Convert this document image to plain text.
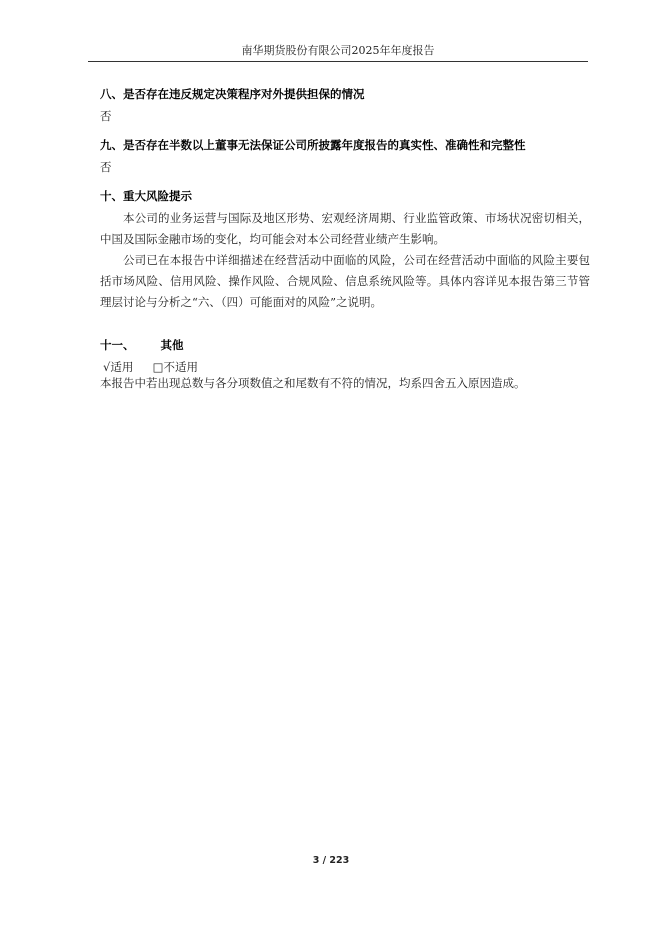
南华期货股份有限公司2025年年度报告
八、是否存在违反规定决策程序对外提供担保的情况
否
九、是否存在半数以上董事无法保证公司所披露年度报告的真实性、准确性和完整性
否
十、重大风险提示
本公司的业务运营与国际及地区形势、宏观经济周期、行业监管政策、市场状况密切相关，中国及国际金融市场的变化，均可能会对本公司经营业绩产生影响。
公司已在本报告中详细描述在经营活动中面临的风险，公司在经营活动中面临的风险主要包括市场风险、信用风险、操作风险、合规风险、信息系统风险等。具体内容详见本报告第三节管理层讨论与分析之“六、（四）可能面对的风险”之说明。
十一、 其他
√适用 □不适用
本报告中若出现总数与各分项数值之和尾数有不符的情况，均系四舍五入原因造成。
3 / 223
